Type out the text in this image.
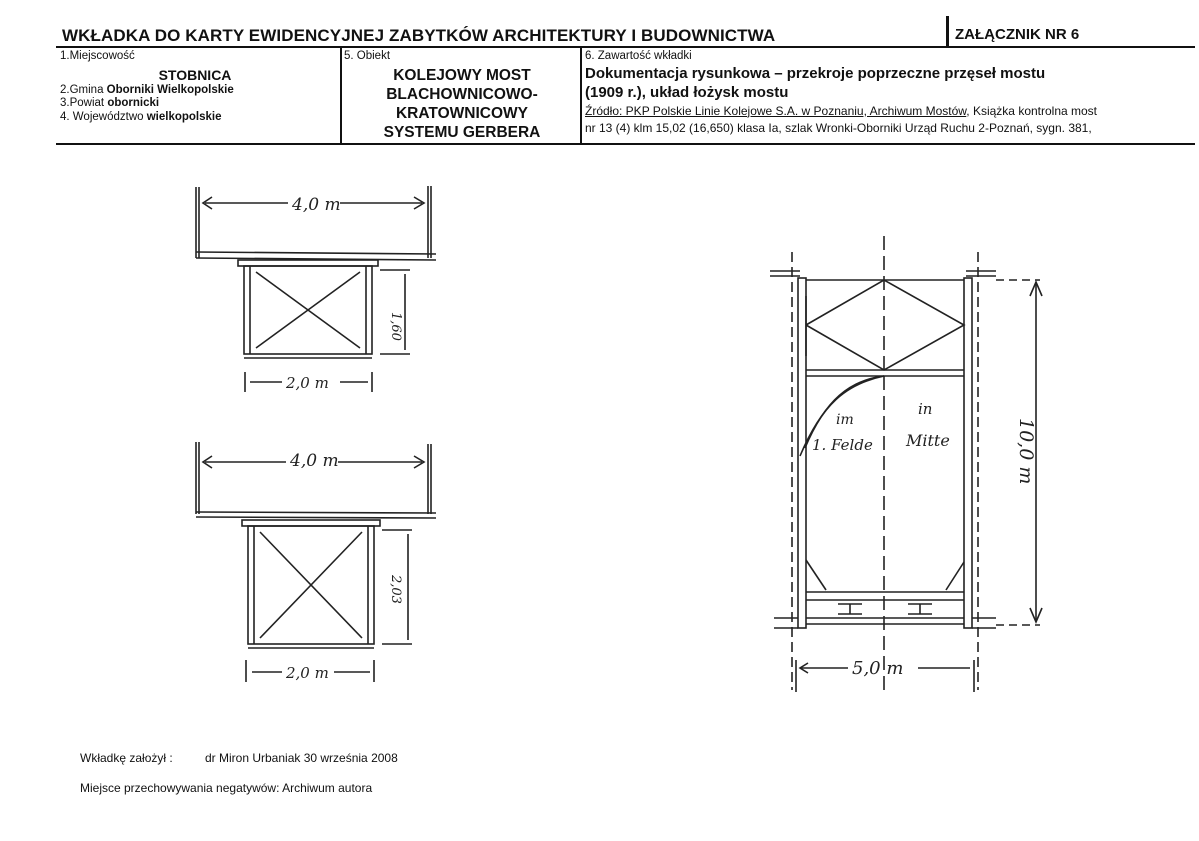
WKŁADKA DO KARTY EWIDENCYJNEJ ZABYTKÓW ARCHITEKTURY I BUDOWNICTWA	ZAŁĄCZNIK NR 6
1.Miejscowość
STOBNICA
2.Gmina Oborniki Wielkopolskie
3.Powiat obornicki
4. Województwo wielkopolskie
5. Obiekt
KOLEJOWY MOST
BLACHOWNICOWO-
KRATOWNICOWY
SYSTEMU GERBERA
6. Zawartość wkładki
Dokumentacja rysunkowa – przekroje poprzeczne przęseł mostu
(1909 r.), układ łożysk mostu
Źródło: PKP Polskie Linie Kolejowe S.A. w Poznaniu, Archiwum Mostów, Książka kontrolna most
nr 13 (4) klm 15,02 (16,650) klasa Ia, szlak Wronki-Oborniki Urząd Ruchu 2-Poznań, sygn. 381,
4,0 m
1,60
2,0 m
4,0 m
2,03
2,0 m
10,0 m
5,0 m
im
1. Felde
in
Mitte
Wkładkę założył :	dr Miron Urbaniak 30 września 2008
Miejsce przechowywania negatywów: Archiwum autora
